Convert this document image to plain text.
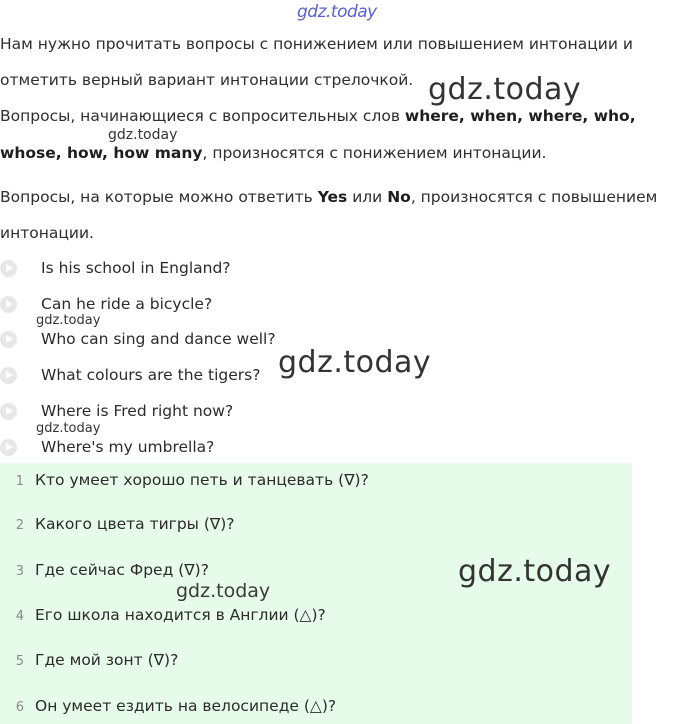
gdz.today
Нам нужно прочитать вопросы с понижением или повышением интонации и
отметить верный вариант интонации стрелочкой.
Вопросы, начинающиеся с вопросительных слов where, when, where, who,
whose, how, how many, произносятся с понижением интонации.
Вопросы, на которые можно ответить Yes или No, произносятся с повышением
интонации.
Is his school in England?
Can he ride a bicycle?
Who can sing and dance well?
What colours are the tigers?
Where is Fred right now?
Where's my umbrella?
1 Кто умеет хорошо петь и танцевать (∇)?
2 Какого цвета тигры (∇)?
3 Где сейчас Фред (∇)?
4 Его школа находится в Англии (△)?
5 Где мой зонт (∇)?
6 Он умеет ездить на велосипеде (△)?
gdz.today
gdz.today
gdz.today
gdz.today
gdz.today
gdz.today
gdz.today
